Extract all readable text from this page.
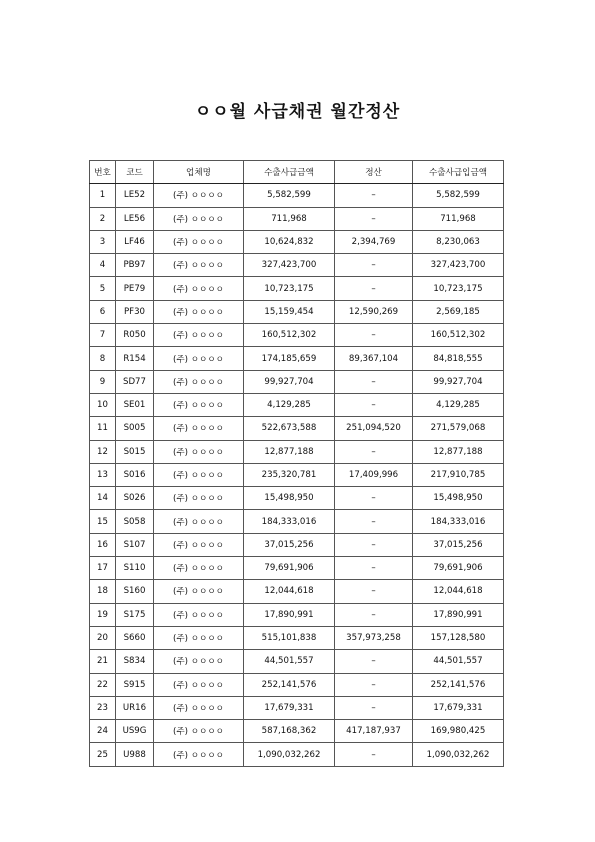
ㅇㅇ월 사급채권 월간정산
번호	코드	업체명	수출사급금액	정산	수출사급입금액
1	LE52	(주) ㅇㅇㅇㅇ	5,582,599	–	5,582,599
2	LE56	(주) ㅇㅇㅇㅇ	711,968	–	711,968
3	LF46	(주) ㅇㅇㅇㅇ	10,624,832	2,394,769	8,230,063
4	PB97	(주) ㅇㅇㅇㅇ	327,423,700	–	327,423,700
5	PE79	(주) ㅇㅇㅇㅇ	10,723,175	–	10,723,175
6	PF30	(주) ㅇㅇㅇㅇ	15,159,454	12,590,269	2,569,185
7	R050	(주) ㅇㅇㅇㅇ	160,512,302	–	160,512,302
8	R154	(주) ㅇㅇㅇㅇ	174,185,659	89,367,104	84,818,555
9	SD77	(주) ㅇㅇㅇㅇ	99,927,704	–	99,927,704
10	SE01	(주) ㅇㅇㅇㅇ	4,129,285	–	4,129,285
11	S005	(주) ㅇㅇㅇㅇ	522,673,588	251,094,520	271,579,068
12	S015	(주) ㅇㅇㅇㅇ	12,877,188	–	12,877,188
13	S016	(주) ㅇㅇㅇㅇ	235,320,781	17,409,996	217,910,785
14	S026	(주) ㅇㅇㅇㅇ	15,498,950	–	15,498,950
15	S058	(주) ㅇㅇㅇㅇ	184,333,016	–	184,333,016
16	S107	(주) ㅇㅇㅇㅇ	37,015,256	–	37,015,256
17	S110	(주) ㅇㅇㅇㅇ	79,691,906	–	79,691,906
18	S160	(주) ㅇㅇㅇㅇ	12,044,618	–	12,044,618
19	S175	(주) ㅇㅇㅇㅇ	17,890,991	–	17,890,991
20	S660	(주) ㅇㅇㅇㅇ	515,101,838	357,973,258	157,128,580
21	S834	(주) ㅇㅇㅇㅇ	44,501,557	–	44,501,557
22	S915	(주) ㅇㅇㅇㅇ	252,141,576	–	252,141,576
23	UR16	(주) ㅇㅇㅇㅇ	17,679,331	–	17,679,331
24	US9G	(주) ㅇㅇㅇㅇ	587,168,362	417,187,937	169,980,425
25	U988	(주) ㅇㅇㅇㅇ	1,090,032,262	–	1,090,032,262
